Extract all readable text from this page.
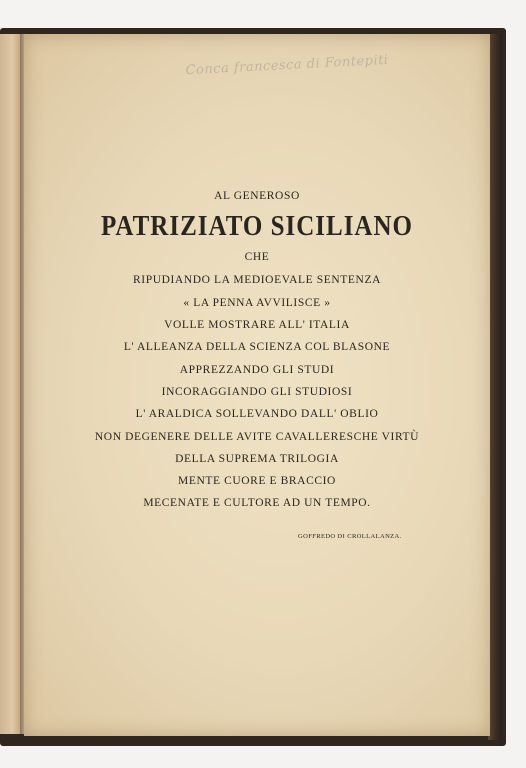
Conca francesca di Fontepiti
AL GENEROSO
PATRIZIATO SICILIANO
CHE
RIPUDIANDO LA MEDIOEVALE SENTENZA
« LA PENNA AVVILISCE »
VOLLE MOSTRARE ALL' ITALIA
L' ALLEANZA DELLA SCIENZA COL BLASONE
APPREZZANDO GLI STUDI
INCORAGGIANDO GLI STUDIOSI
L' ARALDICA SOLLEVANDO DALL' OBLIO
NON DEGENERE DELLE AVITE CAVALLERESCHE VIRTÙ
DELLA SUPREMA TRILOGIA
MENTE CUORE E BRACCIO
MECENATE E CULTORE AD UN TEMPO.
GOFFREDO DI CROLLALANZA.
